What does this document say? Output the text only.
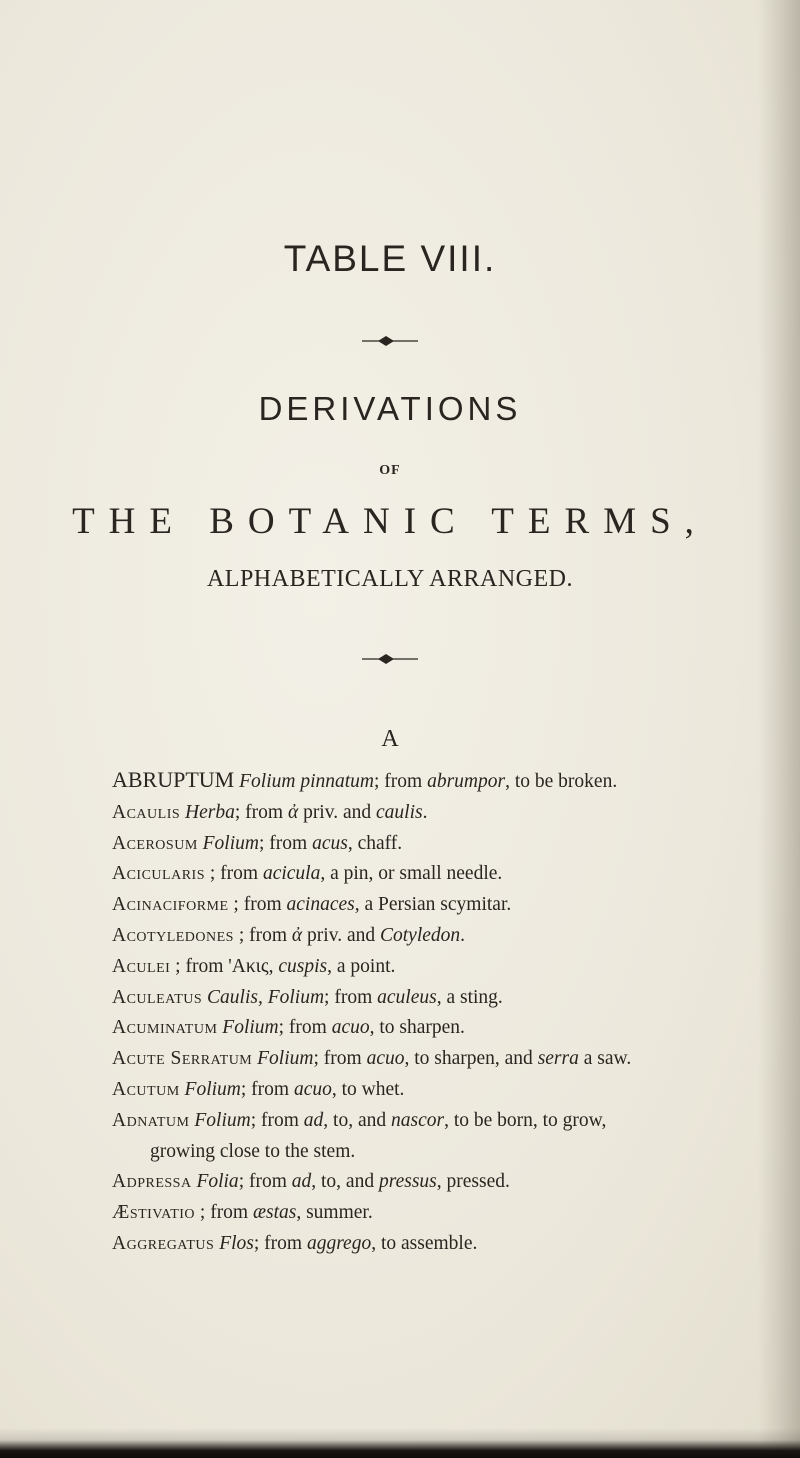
TABLE VIII.
DERIVATIONS
OF
THE BOTANIC TERMS,
ALPHABETICALLY ARRANGED.
A
ABRUPTUM Folium pinnatum; from abrumpor, to be broken.
Acaulis Herba; from ἀ priv. and caulis.
Acerosum Folium; from acus, chaff.
Acicularis ; from acicula, a pin, or small needle.
Acinaciforme ; from acinaces, a Persian scymitar.
Acotyledones ; from ἀ priv. and Cotyledon.
Aculei ; from 'Ακις, cuspis, a point.
Aculeatus Caulis, Folium; from aculeus, a sting.
Acuminatum Folium; from acuo, to sharpen.
Acute Serratum Folium; from acuo, to sharpen, and serra a saw.
Acutum Folium; from acuo, to whet.
Adnatum Folium; from ad, to, and nascor, to be born, to grow,
growing close to the stem.
Adpressa Folia; from ad, to, and pressus, pressed.
Æstivatio ; from æstas, summer.
Aggregatus Flos; from aggrego, to assemble.
